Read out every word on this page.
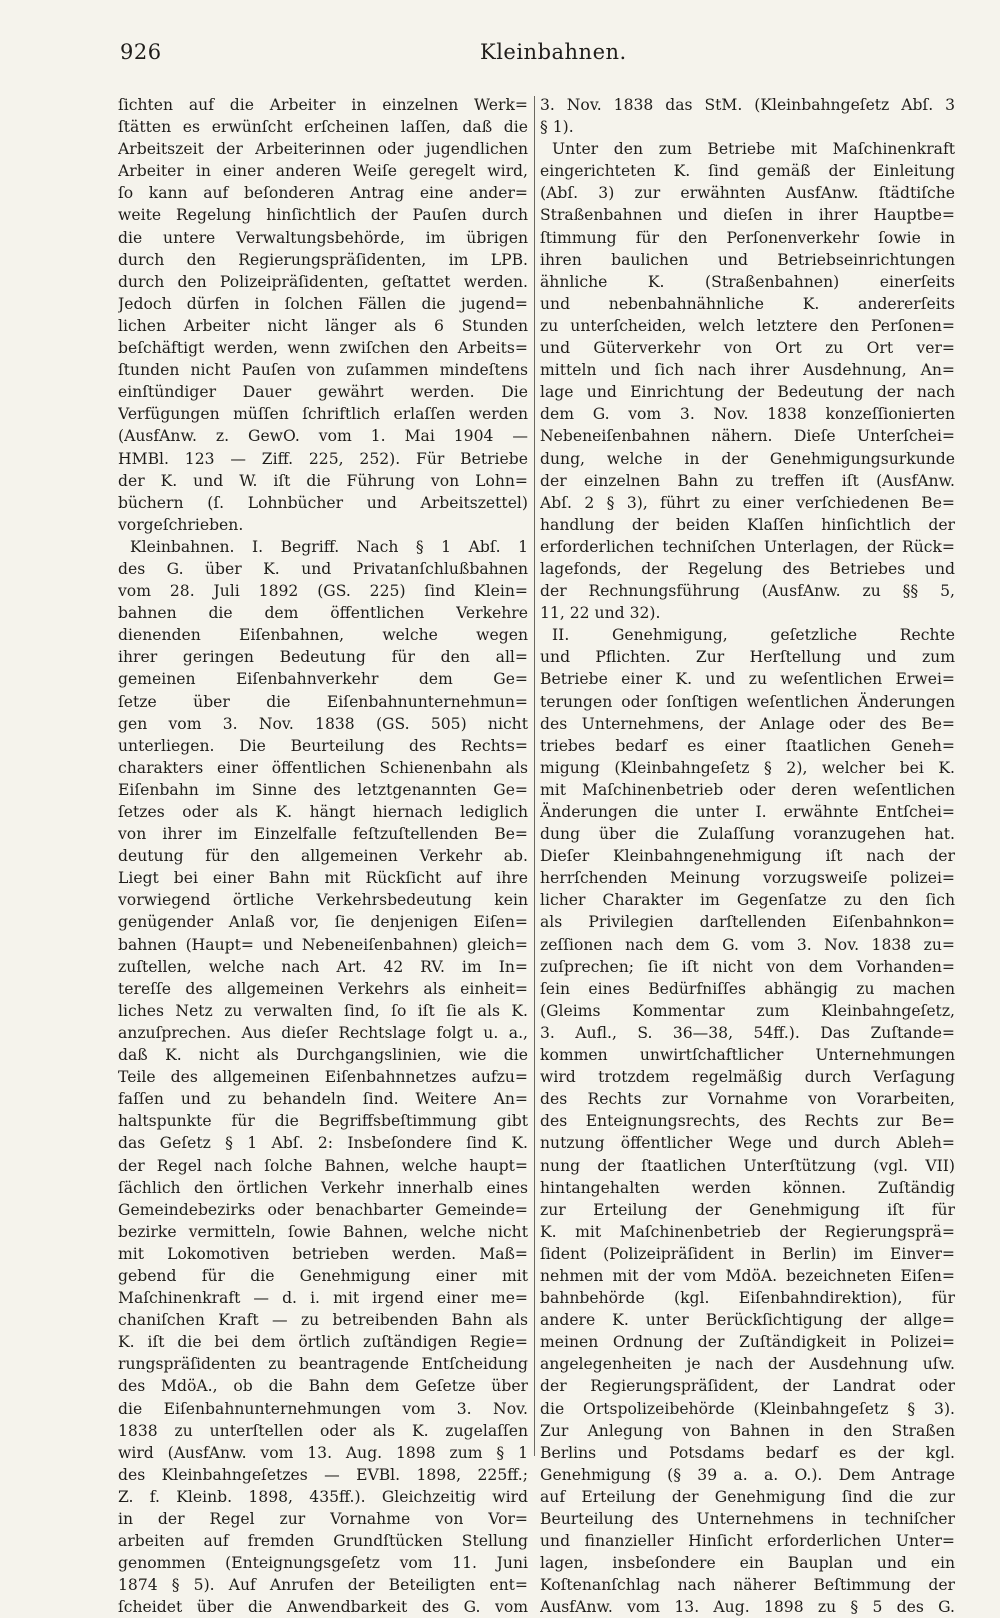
926	Kleinbahnen.
ſichten auf die Arbeiter in einzelnen Werk=
ſtätten es erwünſcht erſcheinen laſſen, daß die
Arbeitszeit der Arbeiterinnen oder jugendlichen
Arbeiter in einer anderen Weiſe geregelt wird,
ſo kann auf beſonderen Antrag eine ander=
weite Regelung hinſichtlich der Pauſen durch
die untere Verwaltungsbehörde, im übrigen
durch den Regierungspräſidenten, im LPB.
durch den Polizeipräſidenten, geſtattet werden.
Jedoch dürfen in ſolchen Fällen die jugend=
lichen Arbeiter nicht länger als 6 Stunden
beſchäftigt werden, wenn zwiſchen den Arbeits=
ſtunden nicht Pauſen von zuſammen mindeſtens
einſtündiger Dauer gewährt werden. Die
Verfügungen müſſen ſchriftlich erlaſſen werden
(AusfAnw. z. GewO. vom 1. Mai 1904 —
HMBl. 123 — Ziff. 225, 252). Für Betriebe
der K. und W. iſt die Führung von Lohn=
büchern (ſ. Lohnbücher und Arbeitszettel)
vorgeſchrieben.
Kleinbahnen. I. Begriff. Nach § 1 Abſ. 1
des G. über K. und Privatanſchlußbahnen
vom 28. Juli 1892 (GS. 225) ſind Klein=
bahnen die dem öffentlichen Verkehre
dienenden Eiſenbahnen, welche wegen
ihrer geringen Bedeutung für den all=
gemeinen Eiſenbahnverkehr dem Ge=
ſetze über die Eiſenbahnunternehmun=
gen vom 3. Nov. 1838 (GS. 505) nicht
unterliegen. Die Beurteilung des Rechts=
charakters einer öffentlichen Schienenbahn als
Eiſenbahn im Sinne des letztgenannten Ge=
ſetzes oder als K. hängt hiernach lediglich
von ihrer im Einzelfalle feſtzuſtellenden Be=
deutung für den allgemeinen Verkehr ab.
Liegt bei einer Bahn mit Rückſicht auf ihre
vorwiegend örtliche Verkehrsbedeutung kein
genügender Anlaß vor, ſie denjenigen Eiſen=
bahnen (Haupt= und Nebeneiſenbahnen) gleich=
zuſtellen, welche nach Art. 42 RV. im In=
tereſſe des allgemeinen Verkehrs als einheit=
liches Netz zu verwalten ſind, ſo iſt ſie als K.
anzuſprechen. Aus dieſer Rechtslage folgt u. a.,
daß K. nicht als Durchgangslinien, wie die
Teile des allgemeinen Eiſenbahnnetzes aufzu=
faſſen und zu behandeln ſind. Weitere An=
haltspunkte für die Begriffsbeſtimmung gibt
das Geſetz § 1 Abſ. 2: Insbeſondere ſind K.
der Regel nach ſolche Bahnen, welche haupt=
ſächlich den örtlichen Verkehr innerhalb eines
Gemeindebezirks oder benachbarter Gemeinde=
bezirke vermitteln, ſowie Bahnen, welche nicht
mit Lokomotiven betrieben werden. Maß=
gebend für die Genehmigung einer mit
Maſchinenkraft — d. i. mit irgend einer me=
chaniſchen Kraft — zu betreibenden Bahn als
K. iſt die bei dem örtlich zuſtändigen Regie=
rungspräſidenten zu beantragende Entſcheidung
des MdöA., ob die Bahn dem Geſetze über
die Eiſenbahnunternehmungen vom 3. Nov.
1838 zu unterſtellen oder als K. zugelaſſen
wird (AusfAnw. vom 13. Aug. 1898 zum § 1
des Kleinbahngeſetzes — EVBl. 1898, 225ff.;
Z. f. Kleinb. 1898, 435ff.). Gleichzeitig wird
in der Regel zur Vornahme von Vor=
arbeiten auf fremden Grundſtücken Stellung
genommen (Enteignungsgeſetz vom 11. Juni
1874 § 5). Auf Anrufen der Beteiligten ent=
ſcheidet über die Anwendbarkeit des G. vom
3. Nov. 1838 das StM. (Kleinbahngeſetz Abſ. 3
§ 1).
Unter den zum Betriebe mit Maſchinenkraft
eingerichteten K. ſind gemäß der Einleitung
(Abſ. 3) zur erwähnten AusfAnw. ſtädtiſche
Straßenbahnen und dieſen in ihrer Hauptbe=
ſtimmung für den Perſonenverkehr ſowie in
ihren baulichen und Betriebseinrichtungen
ähnliche K. (Straßenbahnen) einerſeits
und nebenbahnähnliche K. andererſeits
zu unterſcheiden, welch letztere den Perſonen=
und Güterverkehr von Ort zu Ort ver=
mitteln und ſich nach ihrer Ausdehnung, An=
lage und Einrichtung der Bedeutung der nach
dem G. vom 3. Nov. 1838 konzeſſionierten
Nebeneiſenbahnen nähern. Dieſe Unterſchei=
dung, welche in der Genehmigungsurkunde
der einzelnen Bahn zu treffen iſt (AusfAnw.
Abſ. 2 § 3), führt zu einer verſchiedenen Be=
handlung der beiden Klaſſen hinſichtlich der
erforderlichen techniſchen Unterlagen, der Rück=
lagefonds, der Regelung des Betriebes und
der Rechnungsführung (AusfAnw. zu §§ 5,
11, 22 und 32).
II. Genehmigung, geſetzliche Rechte
und Pflichten. Zur Herſtellung und zum
Betriebe einer K. und zu weſentlichen Erwei=
terungen oder ſonſtigen weſentlichen Änderungen
des Unternehmens, der Anlage oder des Be=
triebes bedarf es einer ſtaatlichen Geneh=
migung (Kleinbahngeſetz § 2), welcher bei K.
mit Maſchinenbetrieb oder deren weſentlichen
Änderungen die unter I. erwähnte Entſchei=
dung über die Zulaſſung voranzugehen hat.
Dieſer Kleinbahngenehmigung iſt nach der
herrſchenden Meinung vorzugsweiſe polizei=
licher Charakter im Gegenſatze zu den ſich
als Privilegien darſtellenden Eiſenbahnkon=
zeſſionen nach dem G. vom 3. Nov. 1838 zu=
zuſprechen; ſie iſt nicht von dem Vorhanden=
ſein eines Bedürfniſſes abhängig zu machen
(Gleims Kommentar zum Kleinbahngeſetz,
3. Aufl., S. 36—38, 54ff.). Das Zuſtande=
kommen unwirtſchaftlicher Unternehmungen
wird trotzdem regelmäßig durch Verſagung
des Rechts zur Vornahme von Vorarbeiten,
des Enteignungsrechts, des Rechts zur Be=
nutzung öffentlicher Wege und durch Ableh=
nung der ſtaatlichen Unterſtützung (vgl. VII)
hintangehalten werden können. Zuſtändig
zur Erteilung der Genehmigung iſt für
K. mit Maſchinenbetrieb der Regierungsprä=
ſident (Polizeipräſident in Berlin) im Einver=
nehmen mit der vom MdöA. bezeichneten Eiſen=
bahnbehörde (kgl. Eiſenbahndirektion), für
andere K. unter Berückſichtigung der allge=
meinen Ordnung der Zuſtändigkeit in Polizei=
angelegenheiten je nach der Ausdehnung uſw.
der Regierungspräſident, der Landrat oder
die Ortspolizeibehörde (Kleinbahngeſetz § 3).
Zur Anlegung von Bahnen in den Straßen
Berlins und Potsdams bedarf es der kgl.
Genehmigung (§ 39 a. a. O.). Dem Antrage
auf Erteilung der Genehmigung ſind die zur
Beurteilung des Unternehmens in techniſcher
und finanzieller Hinſicht erforderlichen Unter=
lagen, insbeſondere ein Bauplan und ein
Koſtenanſchlag nach näherer Beſtimmung der
AusfAnw. vom 13. Aug. 1898 zu § 5 des G.
